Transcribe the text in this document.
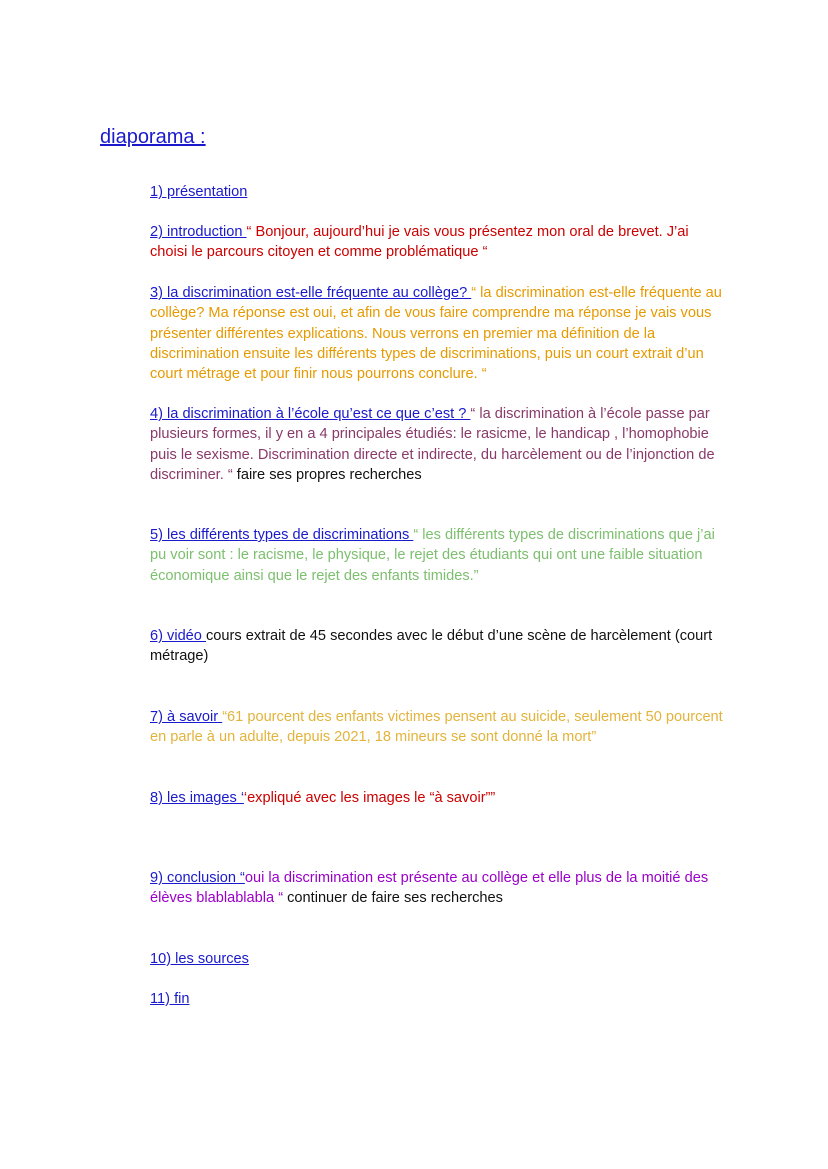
diaporama :

1) présentation

2) introduction “ Bonjour, aujourd’hui je vais vous présentez mon oral de brevet. J’ai choisi le parcours citoyen et comme problématique “

3) la discrimination est-elle fréquente au collège? “ la discrimination est-elle fréquente au collège? Ma réponse est oui, et afin de vous faire comprendre ma réponse je vais vous présenter différentes explications. Nous verrons en premier ma définition de la discrimination ensuite les différents types de discriminations, puis un court extrait d’un court métrage et pour finir nous pourrons conclure. “

4) la discrimination à l’école qu’est ce que c’est ? “ la discrimination à l’école passe par plusieurs formes, il y en a 4 principales étudiés: le rasicme, le handicap , l’homophobie puis le sexisme. Discrimination directe et indirecte, du harcèlement ou de l’injonction de discriminer. “ faire ses propres recherches

5) les différents types de discriminations “ les différents types de discriminations que j’ai pu voir sont : le racisme, le physique, le rejet des étudiants qui ont une faible situation économique ainsi que le rejet des enfants timides.”

6) vidéo cours extrait de 45 secondes avec le début d’une scène de harcèlement (court métrage)

7) à savoir “61 pourcent des enfants victimes pensent au suicide, seulement 50 pourcent en parle à un adulte, depuis 2021, 18 mineurs se sont donné la mort”

8) les images ‘‘expliqué avec les images le “à savoir””

9) conclusion “oui la discrimination est présente au collège et elle plus de la moitié des élèves blablablabla “ continuer de faire ses recherches

10) les sources

11) fin
